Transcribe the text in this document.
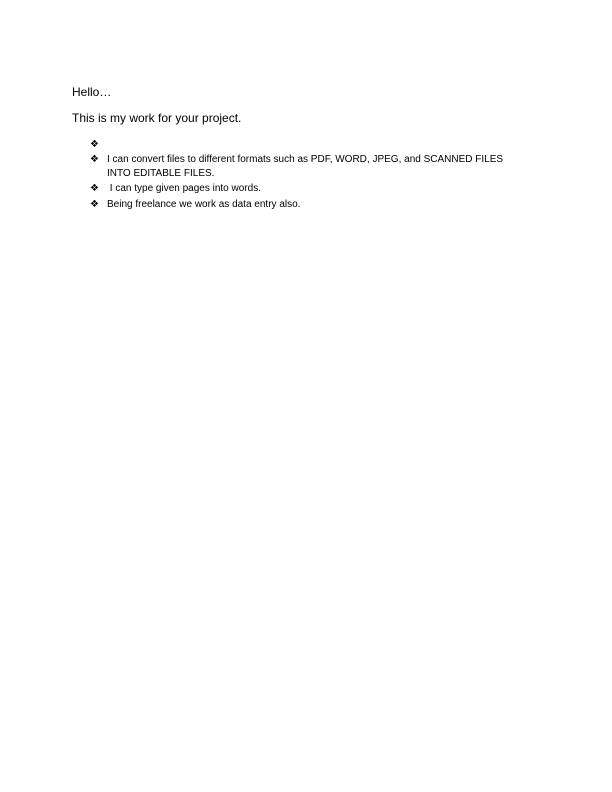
Hello…
This is my work for your project.
❖
❖ I can convert files to different formats such as PDF, WORD, JPEG, and SCANNED FILES INTO EDITABLE FILES.
❖ I can type given pages into words.
❖ Being freelance we work as data entry also.
